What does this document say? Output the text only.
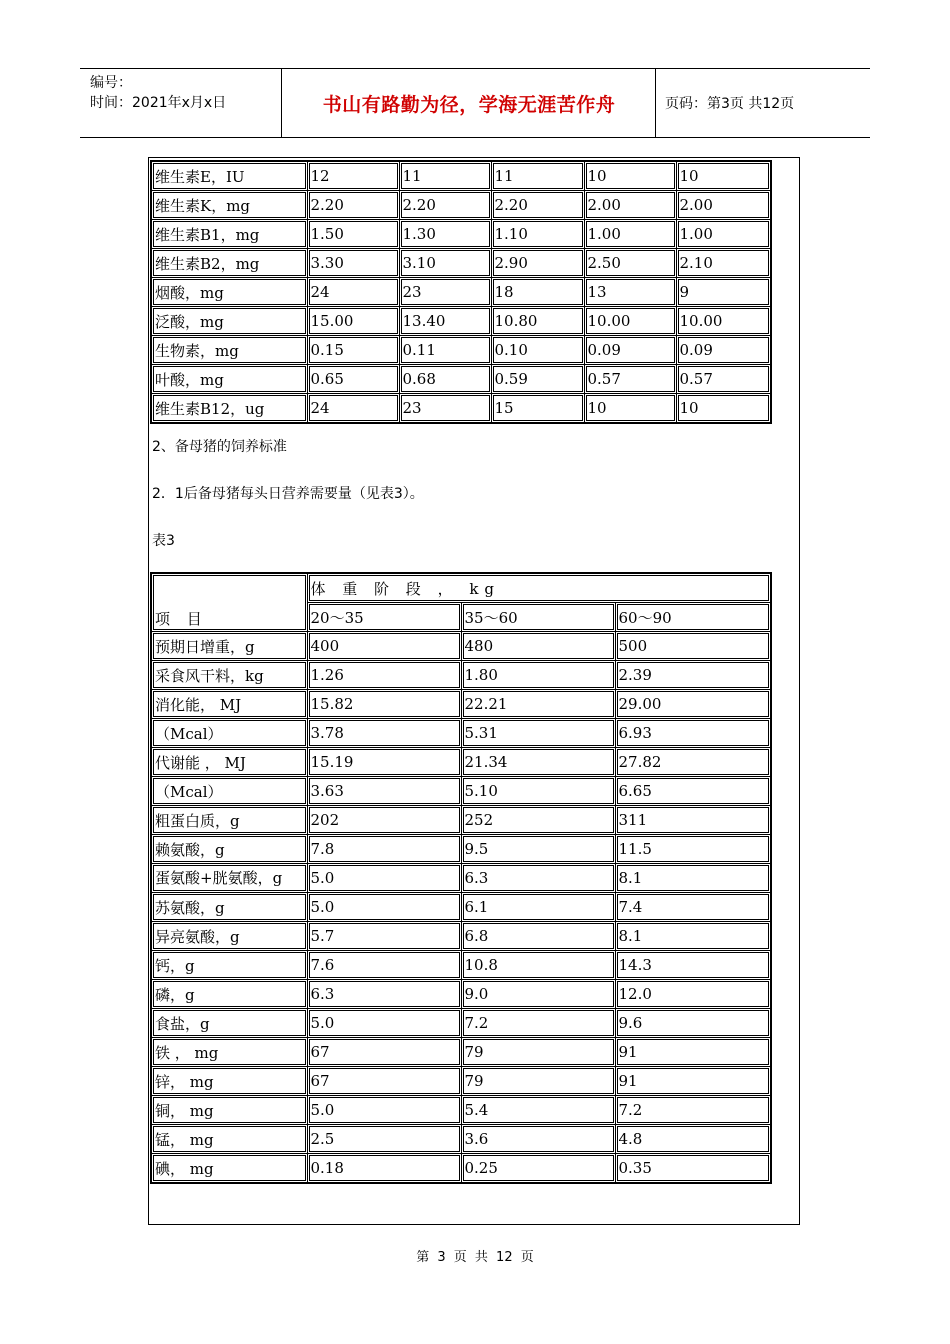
编号：
时间：2021年x月x日	书山有路勤为径，学海无涯苦作舟	页码：第3页 共12页
维生素E，IU	12	11	11	10	10
维生素K，mg	2.20	2.20	2.20	2.00	2.00
维生素B1，mg	1.50	1.30	1.10	1.00	1.00
维生素B2，mg	3.30	3.10	2.90	2.50	2.10
烟酸，mg	24	23	18	13	9
泛酸，mg	15.00	13.40	10.80	10.00	10.00
生物素，mg	0.15	0.11	0.10	0.09	0.09
叶酸，mg	0.65	0.68	0.59	0.57	0.57
维生素B12，ug	24	23	15	10	10
2、备母猪的饲养标准
2．1后备母猪每头日营养需要量（见表3）。
表3
项 目	体 重 阶 段 ， kg		
	20～35	35～60	60～90
预期日增重，g	400	480	500
采食风干料，kg	1.26	1.80	2.39
消化能， MJ	15.82	22.21	29.00
（Mcal）	3.78	5.31	6.93
代谢能 ， MJ	15.19	21.34	27.82
（Mcal）	3.63	5.10	6.65
粗蛋白质，g	202	252	311
赖氨酸，g	7.8	9.5	11.5
蛋氨酸+胱氨酸，g	5.0	6.3	8.1
苏氨酸，g	5.0	6.1	7.4
异亮氨酸，g	5.7	6.8	8.1
钙，g	7.6	10.8	14.3
磷，g	6.3	9.0	12.0
食盐，g	5.0	7.2	9.6
铁 ， mg	67	79	91
锌， mg	67	79	91
铜， mg	5.0	5.4	7.2
锰， mg	2.5	3.6	4.8
碘， mg	0.18	0.25	0.35
第 3 页 共 12 页
